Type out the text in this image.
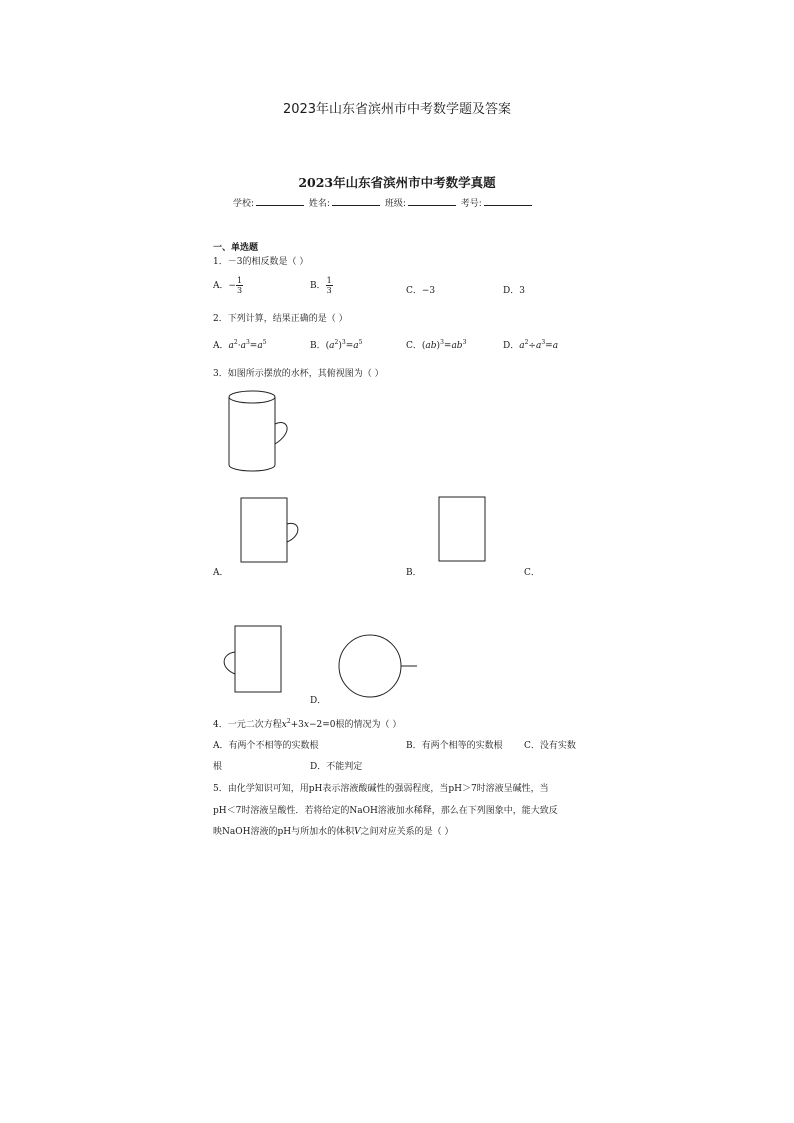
2023年山东省滨州市中考数学题及答案
2023年山东省滨州市中考数学真题
学校:	姓名:	班级:	考号:
一、单选题
1．－3的相反数是（ ）
A．− $\frac{1}{3}$	B． $\frac{1}{3}$	C．−3	D．3
2．下列计算，结果正确的是（ ）
A．$a^2\cdot a^3=a^5$	B．$(a^2)^3=a^5$	C．$(ab)^3=ab^3$	D．$a^2\div a^3=a$
3．如图所示摆放的水杯，其俯视图为（ ）
A．	B．	C．
D．
4．一元二次方程$x^2+3x-2=0$根的情况为（ ）
A．有两个不相等的实数根	B．有两个相等的实数根 C．没有实数
根	D．不能判定
5．由化学知识可知，用pH表示溶液酸碱性的强弱程度，当pH＞7时溶液呈碱性，当
pH＜7时溶液呈酸性．若将给定的NaOH溶液加水稀释，那么在下列图象中，能大致反
映NaOH溶液的pH与所加水的体积V之间对应关系的是（ ）
